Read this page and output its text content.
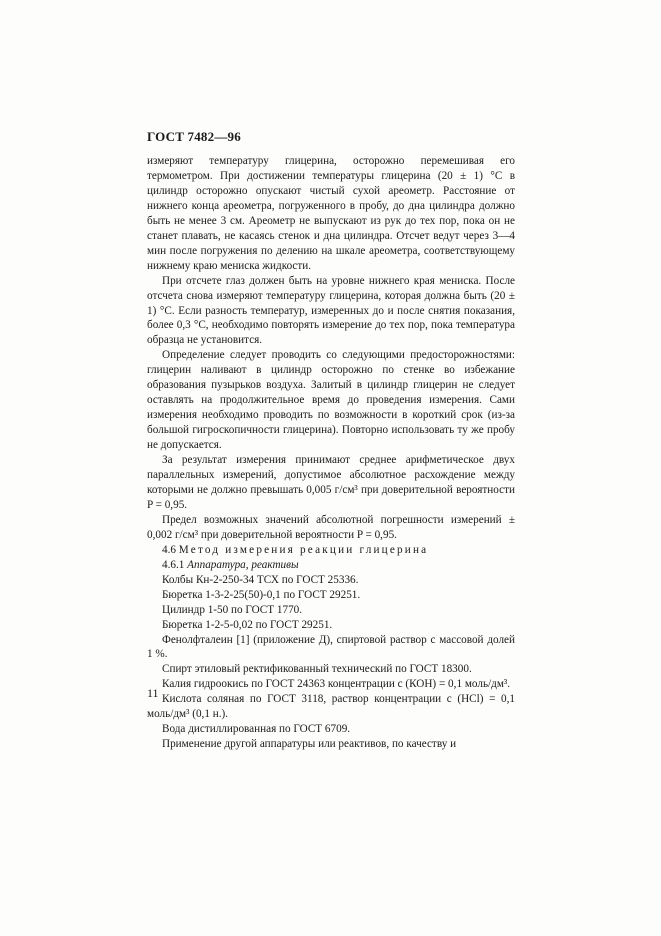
ГОСТ 7482—96

измеряют температуру глицерина, осторожно перемешивая его термометром. При достижении температуры глицерина (20 ± 1) °С в цилиндр осторожно опускают чистый сухой ареометр. Расстояние от нижнего конца ареометра, погруженного в пробу, до дна цилиндра должно быть не менее 3 см. Ареометр не выпускают из рук до тех пор, пока он не станет плавать, не касаясь стенок и дна цилиндра. Отсчет ведут через 3—4 мин после погружения по делению на шкале ареометра, соответствующему нижнему краю мениска жидкости.

При отсчете глаз должен быть на уровне нижнего края мениска. После отсчета снова измеряют температуру глицерина, которая должна быть (20 ± 1) °С. Если разность температур, измеренных до и после снятия показания, более 0,3 °С, необходимо повторять измерение до тех пор, пока температура образца не установится.

Определение следует проводить со следующими предосторожностями: глицерин наливают в цилиндр осторожно по стенке во избежание образования пузырьков воздуха. Залитый в цилиндр глицерин не следует оставлять на продолжительное время до проведения измерения. Сами измерения необходимо проводить по возможности в короткий срок (из-за большой гигроскопичности глицерина). Повторно использовать ту же пробу не допускается.

За результат измерения принимают среднее арифметическое двух параллельных измерений, допустимое абсолютное расхождение между которыми не должно превышать 0,005 г/см³ при доверительной вероятности P = 0,95.

Предел возможных значений абсолютной погрешности измерений ± 0,002 г/см³ при доверительной вероятности P = 0,95.

4.6 Метод измерения реакции глицерина

4.6.1 Аппаратура, реактивы

Колбы Кн-2-250-34 ТСХ по ГОСТ 25336.

Бюретка 1-3-2-25(50)-0,1 по ГОСТ 29251.

Цилиндр 1-50 по ГОСТ 1770.

Бюретка 1-2-5-0,02 по ГОСТ 29251.

Фенолфталеин [1] (приложение Д), спиртовой раствор с массовой долей 1 %.

Спирт этиловый ректификованный технический по ГОСТ 18300.

Калия гидроокись по ГОСТ 24363 концентрации c (КОН) = 0,1 моль/дм³.

Кислота соляная по ГОСТ 3118, раствор концентрации c (HCl) = 0,1 моль/дм³ (0,1 н.).

Вода дистиллированная по ГОСТ 6709.

Применение другой аппаратуры или реактивов, по качеству и

11
